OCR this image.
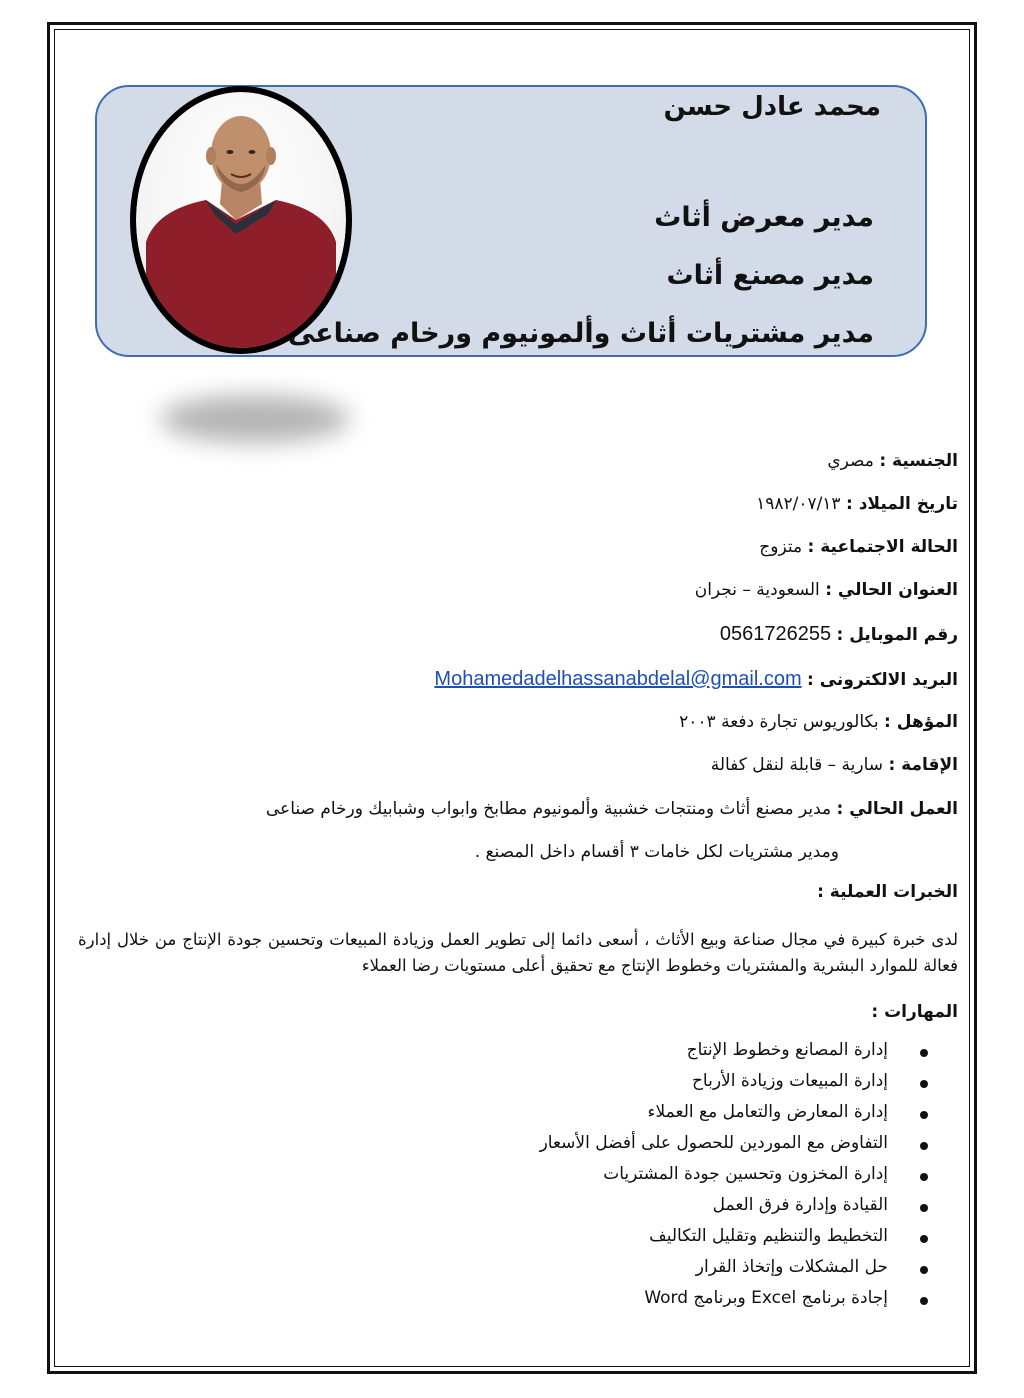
محمد عادل حسن
مدير معرض أثاث
مدير مصنع أثاث
مدير مشتريات أثاث وألمونيوم ورخام صناعى
الجنسية : مصري
تاريخ الميلاد : ١٩٨٢/٠٧/١٣
الحالة الاجتماعية : متزوج
العنوان الحالي : السعودية – نجران
رقم الموبايل : 0561726255
البريد الالكترونى : Mohamedadelhassanabdelal@gmail.com
المؤهل : بكالوريوس تجارة دفعة ٢٠٠٣
الإقامة : سارية – قابلة لنقل كفالة
العمل الحالي : مدير مصنع أثاث ومنتجات خشبية وألمونيوم مطابخ وابواب وشبابيك ورخام صناعى
ومدير مشتريات لكل خامات ٣ أقسام داخل المصنع .
الخبرات العملية :
لدى خبرة كبيرة في مجال صناعة وبيع الأثاث ، أسعى دائما إلى تطوير العمل وزيادة المبيعات وتحسين جودة الإنتاج من خلال إدارة فعالة للموارد البشرية والمشتريات وخطوط الإنتاج مع تحقيق أعلى مستويات رضا العملاء
المهارات :
إدارة المصانع وخطوط الإنتاج
إدارة المبيعات وزيادة الأرباح
إدارة المعارض والتعامل مع العملاء
التفاوض مع الموردين للحصول على أفضل الأسعار
إدارة المخزون وتحسين جودة المشتريات
القيادة وإدارة فرق العمل
التخطيط والتنظيم وتقليل التكاليف
حل المشكلات وإتخاذ القرار
إجادة برنامج Excel وبرنامج Word
